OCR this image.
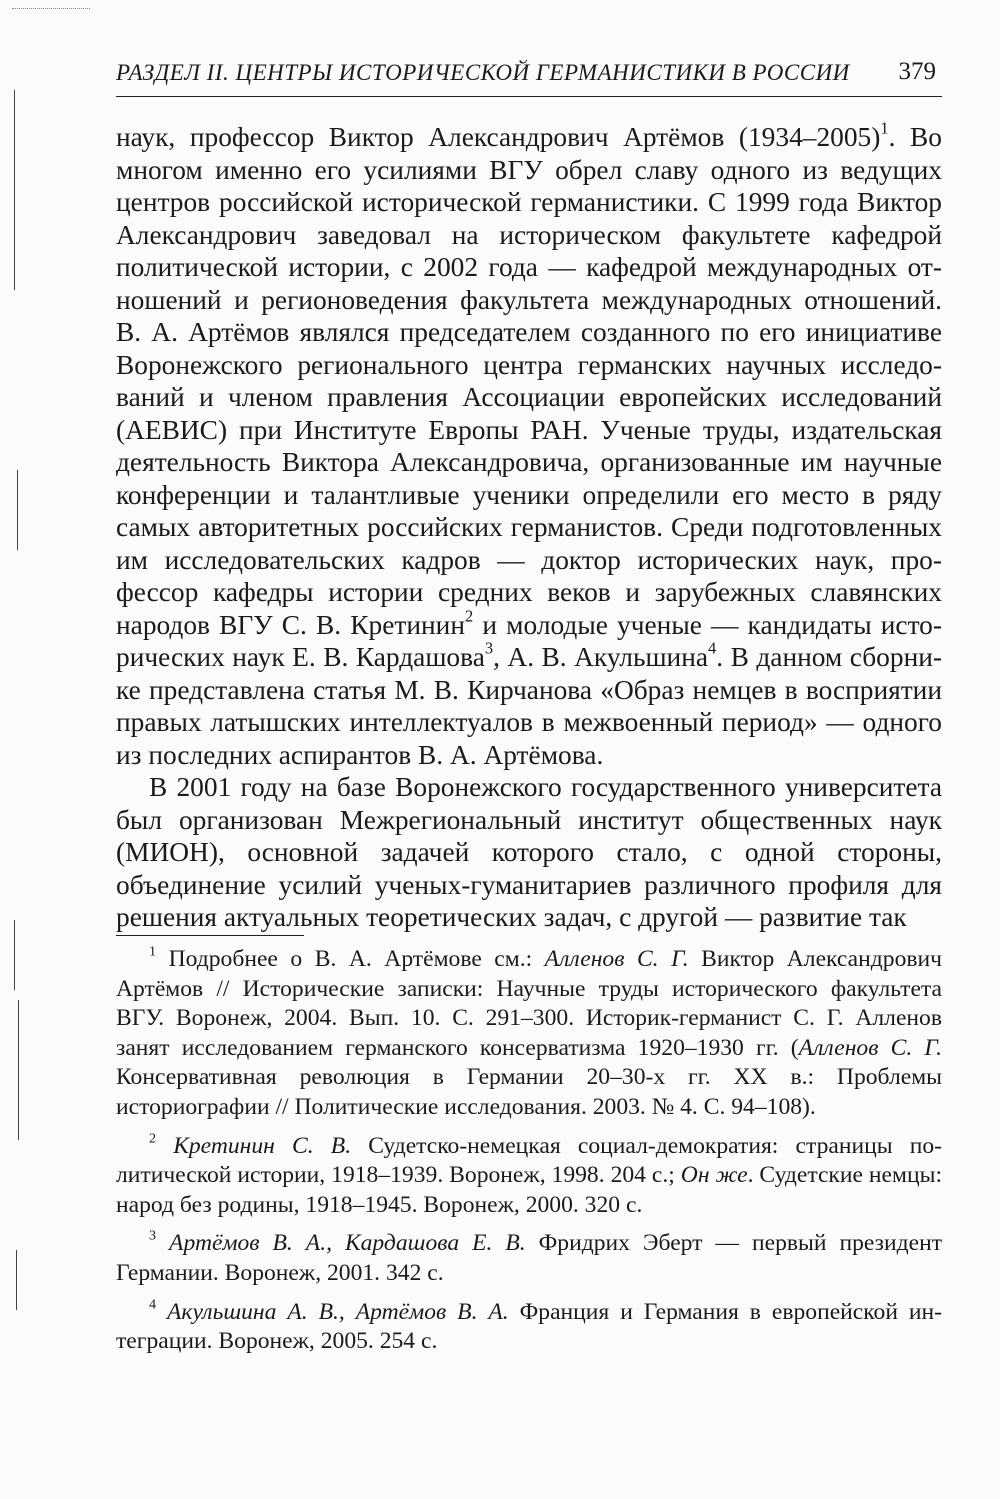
РАЗДЕЛ II. ЦЕНТРЫ ИСТОРИЧЕСКОЙ ГЕРМАНИСТИКИ В РОССИИ 379

наук, профессор Виктор Александрович Артёмов (1934–2005)$^1$. Во многом именно его усилиями ВГУ обрел славу одного из ведущих центров российской исторической германистики. С 1999 года Виктор Александрович заведовал на историческом факультете кафедрой политической истории, с 2002 года — кафедрой международных отношений и регионоведения факультета международных отношений. В. А. Артёмов являлся председателем созданного по его инициативе Воронежского регионального центра германских научных исследований и членом правления Ассоциации европейских исследований (АЕВИС) при Институте Европы РАН. Ученые труды, издательская деятельность Виктора Александровича, организованные им научные конференции и талантливые ученики определили его место в ряду самых авторитетных российских германистов. Среди подготовленных им исследовательских кадров — доктор исторических наук, профессор кафедры истории средних веков и зарубежных славянских народов ВГУ С. В. Кретинин$^2$ и молодые ученые — кандидаты исторических наук Е. В. Кардашова$^3$, А. В. Акульшина$^4$. В данном сборнике представлена статья М. В. Кирчанова «Образ немцев в восприятии правых латышских интеллектуалов в межвоенный период» — одного из последних аспирантов В. А. Артёмова.

В 2001 году на базе Воронежского государственного университета был организован Межрегиональный институт общественных наук (МИОН), основной задачей которого стало, с одной стороны, объединение усилий ученых-гуманитариев различного профиля для решения актуальных теоретических задач, с другой — развитие так

$^1$ Подробнее о В. А. Артёмове см.: Алленов С. Г. Виктор Александрович Артёмов // Исторические записки: Научные труды исторического факультета ВГУ. Воронеж, 2004. Вып. 10. С. 291–300. Историк-германист С. Г. Алленов занят исследованием германского консерватизма 1920–1930 гг. (Алленов С. Г. Консервативная революция в Германии 20–30-х гг. XX в.: Проблемы историографии // Политические исследования. 2003. № 4. С. 94–108).

$^2$ Кретинин С. В. Судетско-немецкая социал-демократия: страницы политической истории, 1918–1939. Воронеж, 1998. 204 с.; Он же. Судетские немцы: народ без родины, 1918–1945. Воронеж, 2000. 320 с.

$^3$ Артёмов В. А., Кардашова Е. В. Фридрих Эберт — первый президент Германии. Воронеж, 2001. 342 с.

$^4$ Акульшина А. В., Артёмов В. А. Франция и Германия в европейской интеграции. Воронеж, 2005. 254 с.
